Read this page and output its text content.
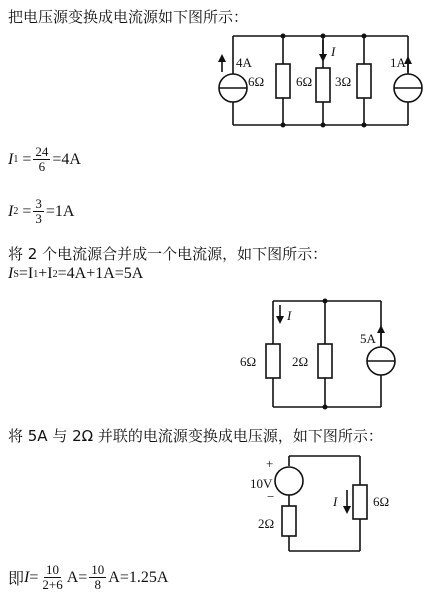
把电压源变换成电流源如下图所示：
4A
6Ω
I
6Ω 3Ω
1A
I $1 = \frac{24}{6} =4A$
I $2 = \frac{3}{3} =1A$
将 2 个电流源合并成一个电流源，如下图所示：
I S =I 1 +I 2 =4A+1A=5A
I
6Ω	2Ω
5A
将 5A 与 2Ω 并联的电流源变换成电压源，如下图所示：
+
10V
−
2Ω
6Ω
I
即 $I = \frac{10}{2+6} A= \frac{10}{8} A=1.25A$
